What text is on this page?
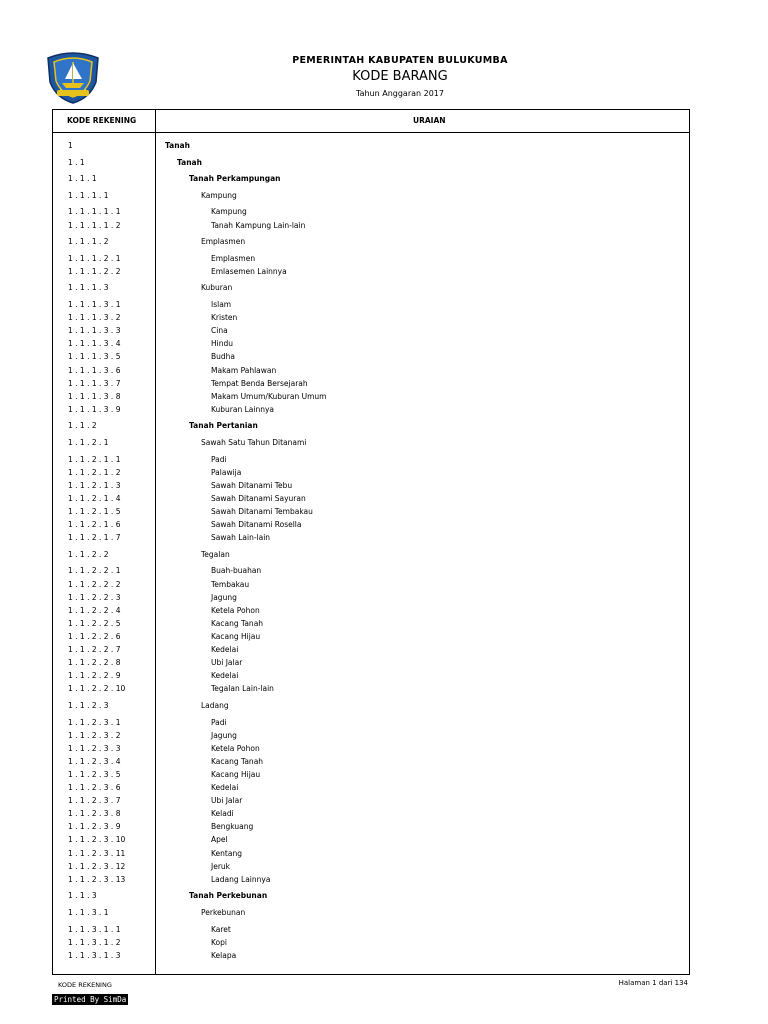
PEMERINTAH KABUPATEN BULUKUMBA
KODE BARANG
Tahun Anggaran 2017
KODE REKENING	URAIAN
1	Tanah
1 . 1	Tanah
1 . 1 . 1	Tanah Perkampungan
1 . 1 . 1 . 1	Kampung
1 . 1 . 1 . 1 . 1	Kampung
1 . 1 . 1 . 1 . 2	Tanah Kampung Lain-lain
1 . 1 . 1 . 2	Emplasmen
1 . 1 . 1 . 2 . 1	Emplasmen
1 . 1 . 1 . 2 . 2	Emlasemen Lainnya
1 . 1 . 1 . 3	Kuburan
1 . 1 . 1 . 3 . 1	Islam
1 . 1 . 1 . 3 . 2	Kristen
1 . 1 . 1 . 3 . 3	Cina
1 . 1 . 1 . 3 . 4	Hindu
1 . 1 . 1 . 3 . 5	Budha
1 . 1 . 1 . 3 . 6	Makam Pahlawan
1 . 1 . 1 . 3 . 7	Tempat Benda Bersejarah
1 . 1 . 1 . 3 . 8	Makam Umum/Kuburan Umum
1 . 1 . 1 . 3 . 9	Kuburan Lainnya
1 . 1 . 2	Tanah Pertanian
1 . 1 . 2 . 1	Sawah Satu Tahun Ditanami
1 . 1 . 2 . 1 . 1	Padi
1 . 1 . 2 . 1 . 2	Palawija
1 . 1 . 2 . 1 . 3	Sawah Ditanami Tebu
1 . 1 . 2 . 1 . 4	Sawah Ditanami Sayuran
1 . 1 . 2 . 1 . 5	Sawah Ditanami Tembakau
1 . 1 . 2 . 1 . 6	Sawah Ditanami Rosella
1 . 1 . 2 . 1 . 7	Sawah Lain-lain
1 . 1 . 2 . 2	Tegalan
1 . 1 . 2 . 2 . 1	Buah-buahan
1 . 1 . 2 . 2 . 2	Tembakau
1 . 1 . 2 . 2 . 3	Jagung
1 . 1 . 2 . 2 . 4	Ketela Pohon
1 . 1 . 2 . 2 . 5	Kacang Tanah
1 . 1 . 2 . 2 . 6	Kacang Hijau
1 . 1 . 2 . 2 . 7	Kedelai
1 . 1 . 2 . 2 . 8	Ubi Jalar
1 . 1 . 2 . 2 . 9	Kedelai
1 . 1 . 2 . 2 . 10	Tegalan Lain-lain
1 . 1 . 2 . 3	Ladang
1 . 1 . 2 . 3 . 1	Padi
1 . 1 . 2 . 3 . 2	Jagung
1 . 1 . 2 . 3 . 3	Ketela Pohon
1 . 1 . 2 . 3 . 4	Kacang Tanah
1 . 1 . 2 . 3 . 5	Kacang Hijau
1 . 1 . 2 . 3 . 6	Kedelai
1 . 1 . 2 . 3 . 7	Ubi Jalar
1 . 1 . 2 . 3 . 8	Keladi
1 . 1 . 2 . 3 . 9	Bengkuang
1 . 1 . 2 . 3 . 10	Apel
1 . 1 . 2 . 3 . 11	Kentang
1 . 1 . 2 . 3 . 12	Jeruk
1 . 1 . 2 . 3 . 13	Ladang Lainnya
1 . 1 . 3	Tanah Perkebunan
1 . 1 . 3 . 1	Perkebunan
1 . 1 . 3 . 1 . 1	Karet
1 . 1 . 3 . 1 . 2	Kopi
1 . 1 . 3 . 1 . 3	Kelapa
KODE REKENING	Halaman 1 dari 134
Printed By SimDa
